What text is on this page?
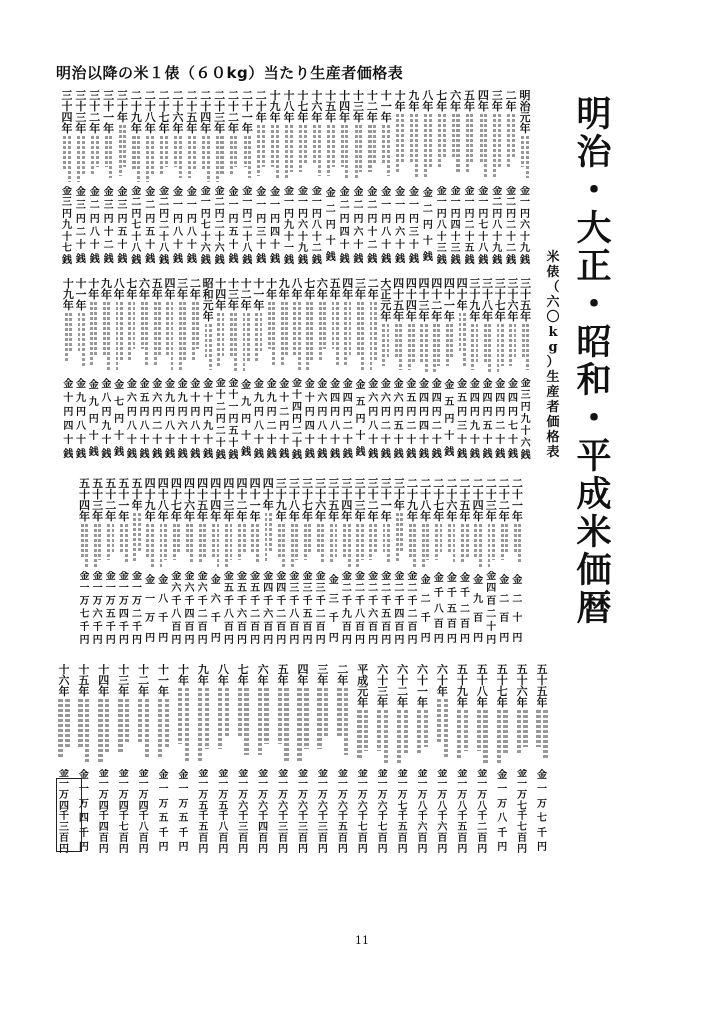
明治以降の米１俵（６０kg）当たり生産者価格表
明
治
元
年
金
一
円
六
十
九
銭
二
年
金
二
円
二
十
二
銭
三
年
金
二
円
八
十
九
銭
四
年
金
一
円
七
十
八
銭
五
年
金
一
円
二
十
五
銭
六
年
金
一
円
四
十
三
銭
七
年
金
一
円
八
十
三
銭
八
年
金
二
円
十
銭
九
年
金
一
円
三
十
銭
十
年
金
一
円
六
十
銭
十
一
年
金
一
円
八
十
銭
十
二
年
金
二
円
十
二
銭
十
三
年
金
二
円
六
十
銭
十
四
年
金
二
円
四
十
銭
十
五
年
金
二
円
十
銭
十
六
年
金
一
円
八
十
二
銭
十
七
年
金
一
円
六
十
九
銭
十
八
年
金
一
円
九
十
一
銭
十
九
年
金
一
円
四
十
銭
二
十
年
金
一
円
三
十
銭
二
十
一
年
金
一
円
二
十
八
銭
二
十
二
年
金
一
円
五
十
銭
二
十
三
年
金
二
円
二
十
六
銭
二
十
四
年
金
一
円
七
十
六
銭
二
十
五
年
金
一
円
八
十
銭
二
十
六
年
金
一
円
八
十
銭
二
十
七
年
金
二
円
二
十
八
銭
二
十
八
年
金
二
円
五
十
銭
二
十
九
年
金
二
円
七
十
八
銭
三
十
年
金
三
円
五
十
銭
三
十
一
年
金
三
円
十
二
銭
三
十
二
年
金
二
円
八
十
銭
三
十
三
年
金
三
円
二
十
銭
三
十
四
年
金
三
円
九
十
七
銭
三
十
五
年
金
三
円
九
十
六
銭
三
十
六
年
金
四
円
七
十
銭
三
十
七
年
金
四
円
二
十
銭
三
十
八
年
金
四
円
五
十
銭
三
十
九
年
金
四
円
九
十
銭
四
十
年
金
五
円
三
十
銭
四
十
一
年
金
五
円
十
銭
四
十
二
年
金
四
円
二
十
銭
四
十
三
年
金
四
円
四
十
銭
四
十
四
年
金
五
円
二
十
銭
四
十
五
年
金
六
円
五
十
銭
大
正
元
年
金
六
円
二
十
銭
二
年
金
六
円
八
十
銭
三
年
金
五
円
十
銭
四
年
金
四
円
二
十
銭
五
年
金
四
円
八
十
銭
六
年
金
六
円
八
十
銭
七
年
金
十
円
四
十
銭
八
年
金
十
四
円
二
十
銭
九
年
金
十
二
円
十
銭
十
年
金
九
円
二
十
銭
十
一
年
金
九
円
八
十
銭
十
二
年
金
九
円
十
銭
十
三
年
金
十
一
円
五
十
銭
十
四
年
金
十
二
円
二
十
銭
昭
和
元
年
金
十
円
九
十
銭
二
年
金
十
円
八
十
銭
三
年
金
九
円
六
十
銭
四
年
金
九
円
八
十
銭
五
年
金
六
円
二
十
銭
六
年
金
五
円
八
十
銭
七
年
金
六
円
八
十
銭
八
年
金
七
円
十
銭
九
年
金
八
円
九
十
銭
十
年
金
九
円
十
銭
十
一
年
金
九
円
八
十
銭
十
九
年
金
十
円
四
十
銭
二
十
一
年
金
二
十
円
二
十
二
年
金
二
百
円
二
十
三
年
金
四
百
二
十
円
二
十
四
年
金
九
百
円
二
十
五
年
金
千
二
百
円
二
十
六
年
金
千
五
百
円
二
十
七
年
金
千
八
百
円
二
十
八
年
金
二
千
円
二
十
九
年
金
二
千
二
百
円
三
十
年
金
二
千
四
百
円
三
十
一
年
金
二
千
五
百
円
三
十
二
年
金
二
千
六
百
円
三
十
三
年
金
二
千
八
百
円
三
十
四
年
金
二
千
九
百
円
三
十
五
年
金
三
千
円
三
十
六
年
金
三
千
二
百
円
三
十
七
年
金
三
千
五
百
円
三
十
八
年
金
三
千
八
百
円
三
十
九
年
金
四
千
二
百
円
四
十
年
金
四
千
六
百
円
四
十
一
年
金
五
千
二
百
円
四
十
二
年
金
五
千
六
百
円
四
十
三
年
金
五
千
八
百
円
四
十
四
年
金
六
千
円
四
十
五
年
金
六
千
二
百
円
四
十
六
年
金
六
千
四
百
円
四
十
七
年
金
六
千
八
百
円
四
十
八
年
金
八
千
円
四
十
九
年
金
一
万
円
五
十
年
金
一
万
二
千
円
五
十
一
年
金
一
万
四
千
円
五
十
二
年
金
一
万
五
千
円
五
十
三
年
金
一
万
六
千
円
五
十
四
年
金
一
万
七
千
円
五
十
五
年
金
一
万
七
千
円
五
十
六
年
金
一
万
七
千
七
百
円
五
十
七
年
金
一
万
八
千
円
五
十
八
年
金
一
万
八
千
二
百
円
五
十
九
年
金
一
万
八
千
五
百
円
六
十
年
金
一
万
八
千
六
百
円
六
十
一
年
金
一
万
八
千
六
百
円
六
十
二
年
金
一
万
七
千
五
百
円
六
十
三
年
金
一
万
六
千
七
百
円
平
成
元
年
金
一
万
六
千
七
百
円
二
年
金
一
万
六
千
五
百
円
三
年
金
一
万
六
千
三
百
円
四
年
金
一
万
六
千
三
百
円
五
年
金
一
万
六
千
三
百
円
六
年
金
一
万
六
千
四
百
円
七
年
金
一
万
六
千
三
百
円
八
年
金
一
万
五
千
八
百
円
九
年
金
一
万
五
千
五
百
円
十
年
金
一
万
五
千
円
十
一
年
金
一
万
五
千
円
十
二
年
金
一
万
四
千
八
百
円
十
三
年
金
一
万
四
千
七
百
円
十
四
年
金
一
万
四
千
四
百
円
十
五
年
金
一
万
四
千
円
十
六
年
金
一
万
四
千
三
百
円
明
治
・
大
正
・
昭
和
・
平
成
米
価
暦
米
俵
（
六
〇
k
g
）
生
産
者
価
格
表
11
